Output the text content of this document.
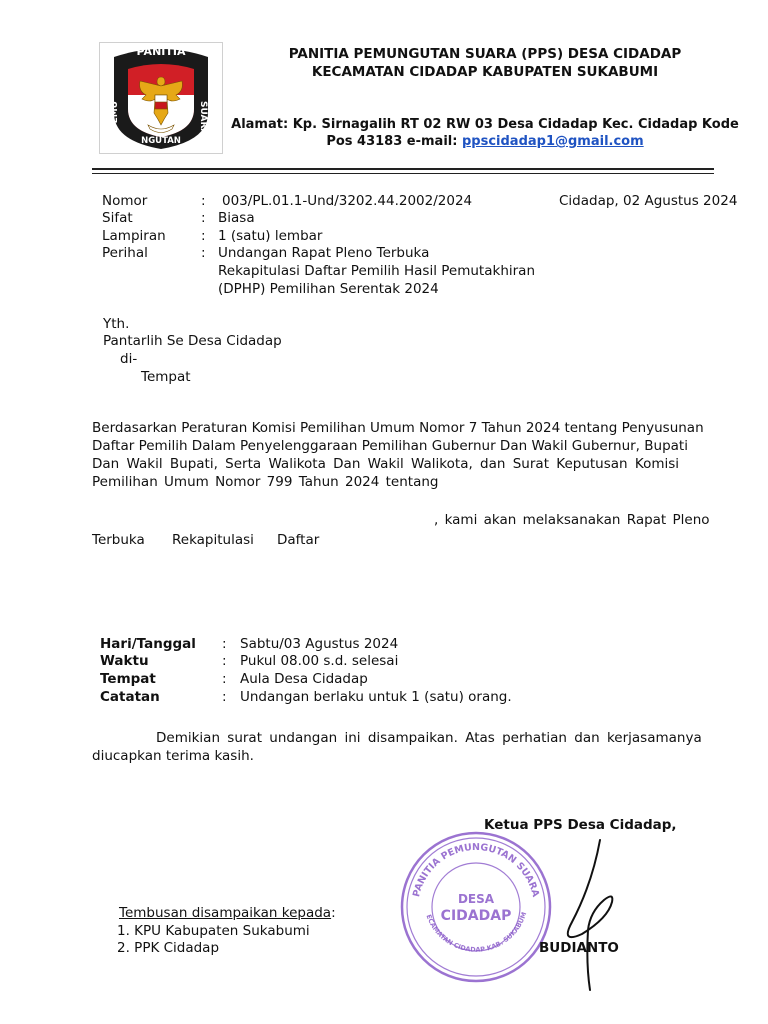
PANITIA
PEMU
NGUTAN
SUARA
PANITIA PEMUNGUTAN SUARA (PPS) DESA CIDADAP
KECAMATAN CIDADAP KABUPATEN SUKABUMI
Alamat: Kp. Sirnagalih RT 02 RW 03 Desa Cidadap Kec. Cidadap Kode
Pos 43183 e-mail: ppscidadap1@gmail.com
Nomor	: 003/PL.01.1-Und/3202.44.2002/2024	Cidadap, 02 Agustus 2024
Sifat	: Biasa
Lampiran	: 1 (satu) lembar
Perihal	: Undangan Rapat Pleno Terbuka
Rekapitulasi Daftar Pemilih Hasil Pemutakhiran
(DPHP) Pemilihan Serentak 2024
Yth.
Pantarlih Se Desa Cidadap
di-
Tempat
Berdasarkan Peraturan Komisi Pemilihan Umum Nomor 7 Tahun 2024 tentang Penyusunan
Daftar Pemilih Dalam Penyelenggaraan Pemilihan Gubernur Dan Wakil Gubernur, Bupati
Dan Wakil Bupati, Serta Walikota Dan Wakil Walikota, dan Surat Keputusan Komisi
Pemilihan Umum Nomor 799 Tahun 2024 tentang
, kami akan melaksanakan Rapat Pleno
Terbuka Rekapitulasi Daftar
Hari/Tanggal : Sabtu/03 Agustus 2024
Waktu	: Pukul 08.00 s.d. selesai
Tempat	: Aula Desa Cidadap
Catatan	: Undangan berlaku untuk 1 (satu) orang.
Demikian surat undangan ini disampaikan. Atas perhatian dan kerjasamanya
diucapkan terima kasih.
Ketua PPS Desa Cidadap,
PANITIA PEMUNGUTAN SUARA
ECAMATAN CIDADAP KAB. SUKABUM
DESA
CIDADAP
BUDIANTO
Tembusan disampaikan kepada:
1. KPU Kabupaten Sukabumi
2. PPK Cidadap
